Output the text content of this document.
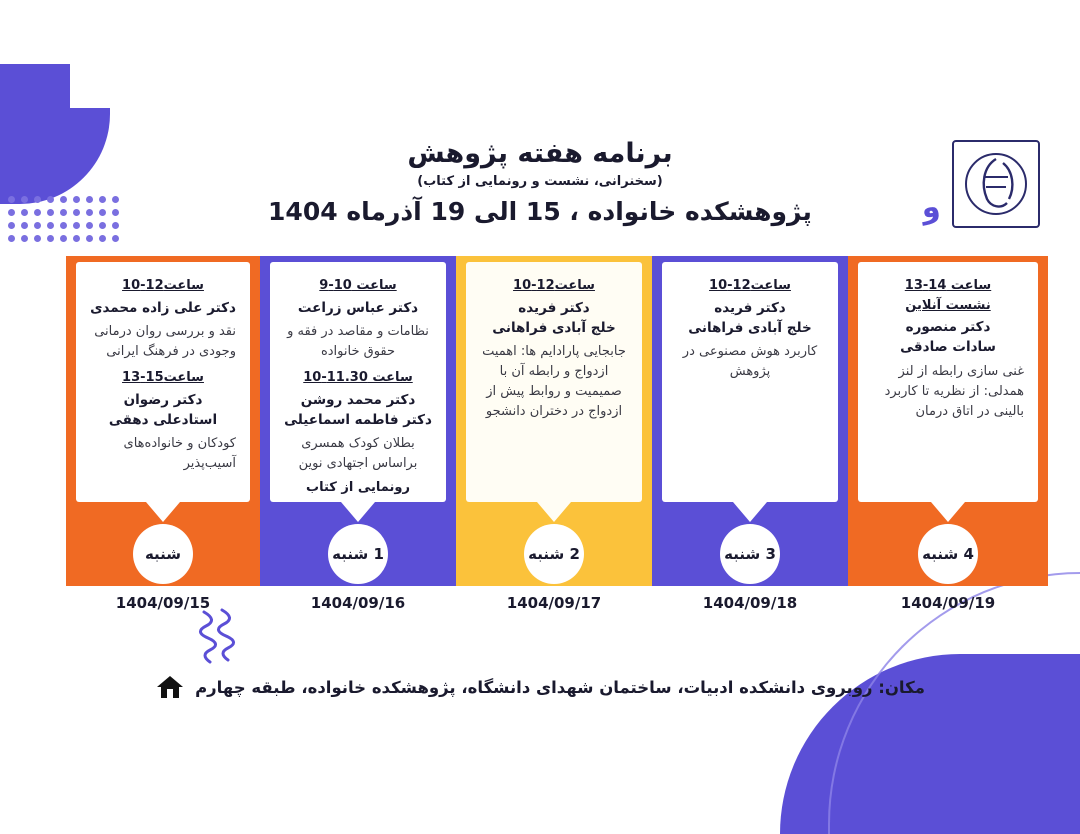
برنامه هفته پژوهش
(سخنرانی، نشست و رونمایی از کتاب)
پژوهشکده خانواده ، 15 الی 19 آذرماه 1404	ﻭ
ساعت 14-13
نشست آنلاین
دکتر منصوره
سادات صادقی
غنی سازی رابطه از لنز همدلی: از نظریه تا کاربرد بالینی در اتاق درمان
4 شنبه
1404/09/19
ساعت12-10
دکتر فریده
خلج آبادی فراهانی
کاربرد هوش مصنوعی در پژوهش
3 شنبه
1404/09/18
ساعت12-10
دکتر فریده
خلج آبادی فراهانی
جابجایی پارادایم ها: اهمیت ازدواج و رابطه آن با صمیمیت و روابط پیش از ازدواج در دختران دانشجو
2 شنبه
1404/09/17
ساعت 10-9
دکتر عباس زراعت
نظامات و مقاصد در فقه و حقوق خانواده
ساعت 11.30-10
دکتر محمد روشن
دکتر فاطمه اسماعیلی
بطلان کودک همسری براساس اجتهادی نوین
رونمایی از کتاب
1 شنبه
1404/09/16
ساعت12-10
دکتر علی زاده محمدی
نقد و بررسی روان درمانی وجودی در فرهنگ ایرانی
ساعت15-13
دکتر رضوان استادعلی دهقی
کودکان و خانواده‌های آسیب‌پذیر
شنبه
1404/09/15
مکان: روبروی دانشکده ادبیات، ساختمان شهدای دانشگاه، پژوهشکده خانواده، طبقه چهارم
